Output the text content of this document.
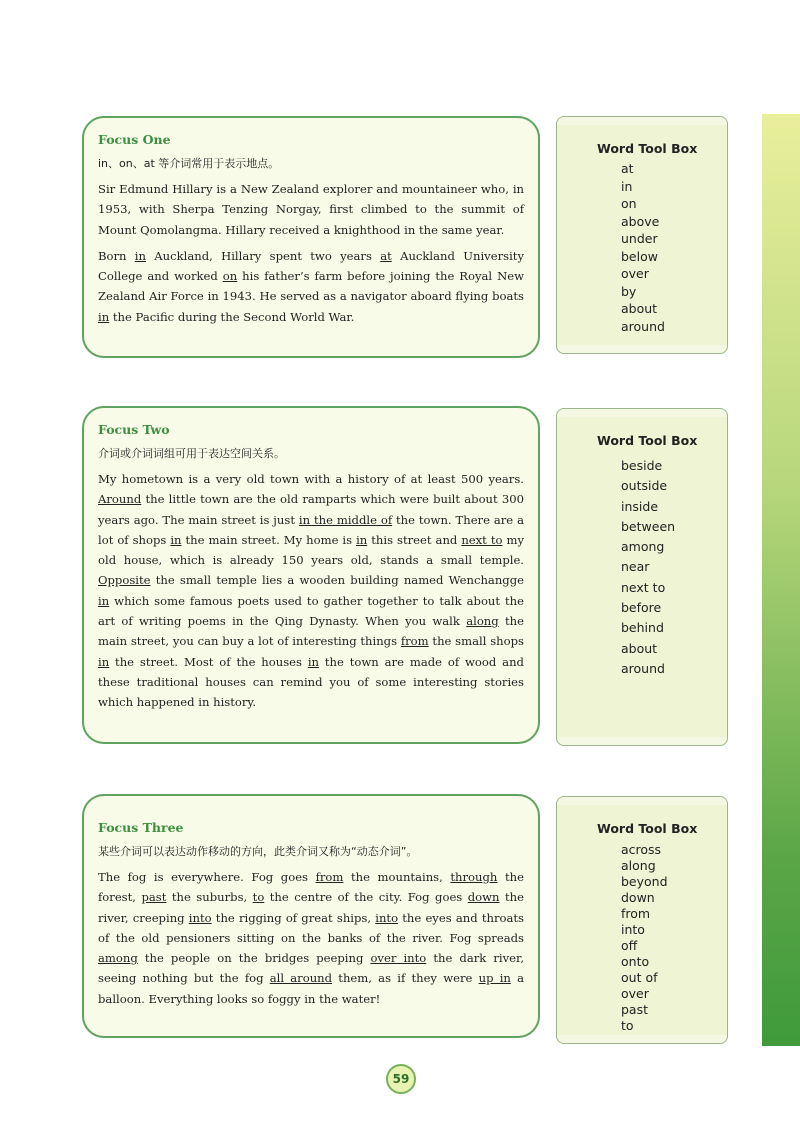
Focus One
in、on、at 等介词常用于表示地点。

Sir Edmund Hillary is a New Zealand explorer and mountaineer who, in 1953, with Sherpa Tenzing Norgay, first climbed to the summit of Mount Qomolangma. Hillary received a knighthood in the same year.

Born in Auckland, Hillary spent two years at Auckland University College and worked on his father’s farm before joining the Royal New Zealand Air Force in 1943. He served as a navigator aboard flying boats in the Pacific during the Second World War.

Word Tool Box
at
in
on
above
under
below
over
by
about
around
Focus Two
介词或介词词组可用于表达空间关系。

My hometown is a very old town with a history of at least 500 years. Around the little town are the old ramparts which were built about 300 years ago. The main street is just in the middle of the town. There are a lot of shops in the main street. My home is in this street and next to my old house, which is already 150 years old, stands a small temple. Opposite the small temple lies a wooden building named Wenchangge in which some famous poets used to gather together to talk about the art of writing poems in the Qing Dynasty. When you walk along the main street, you can buy a lot of interesting things from the small shops in the street. Most of the houses in the town are made of wood and these traditional houses can remind you of some interesting stories which happened in history.

Word Tool Box
beside
outside
inside
between
among
near
next to
before
behind
about
around
Focus Three
某些介词可以表达动作移动的方向，此类介词又称为“动态介词”。

The fog is everywhere. Fog goes from the mountains, through the forest, past the suburbs, to the centre of the city. Fog goes down the river, creeping into the rigging of great ships, into the eyes and throats of the old pensioners sitting on the banks of the river. Fog spreads among the people on the bridges peeping over into the dark river, seeing nothing but the fog all around them, as if they were up in a balloon. Everything looks so foggy in the water!

Word Tool Box
across
along
beyond
down
from
into
off
onto
out of
over
past
to
59
